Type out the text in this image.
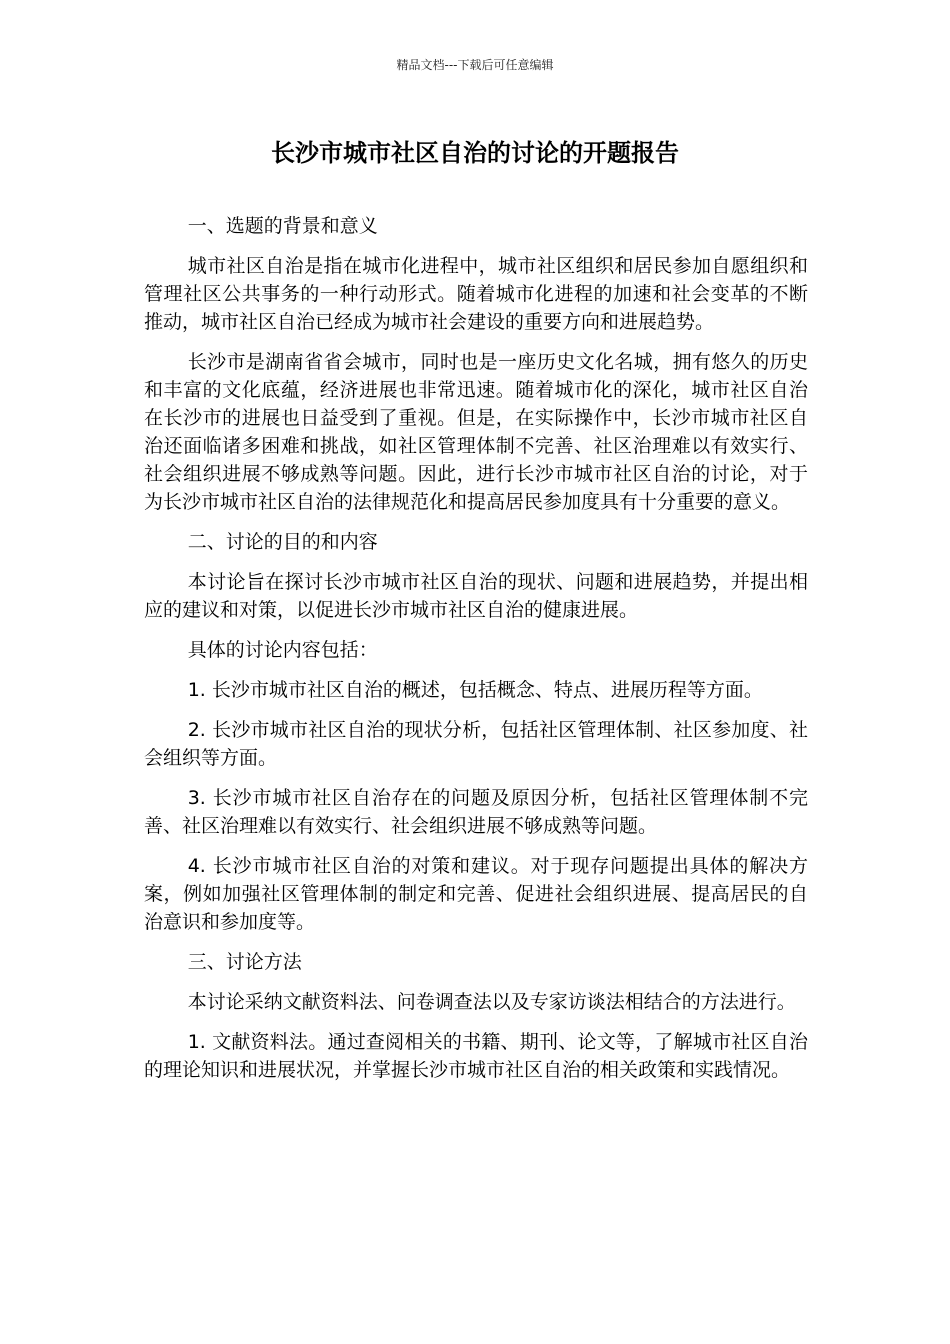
精品文档---下载后可任意编辑
长沙市城市社区自治的讨论的开题报告

一、选题的背景和意义

城市社区自治是指在城市化进程中，城市社区组织和居民参加自愿组织和管理社区公共事务的一种行动形式。随着城市化进程的加速和社会变革的不断推动，城市社区自治已经成为城市社会建设的重要方向和进展趋势。

长沙市是湖南省省会城市，同时也是一座历史文化名城，拥有悠久的历史和丰富的文化底蕴，经济进展也非常迅速。随着城市化的深化，城市社区自治在长沙市的进展也日益受到了重视。但是，在实际操作中，长沙市城市社区自治还面临诸多困难和挑战，如社区管理体制不完善、社区治理难以有效实行、社会组织进展不够成熟等问题。因此，进行长沙市城市社区自治的讨论，对于为长沙市城市社区自治的法律规范化和提高居民参加度具有十分重要的意义。

二、讨论的目的和内容

本讨论旨在探讨长沙市城市社区自治的现状、问题和进展趋势，并提出相应的建议和对策，以促进长沙市城市社区自治的健康进展。

具体的讨论内容包括：

1. 长沙市城市社区自治的概述，包括概念、特点、进展历程等方面。

2. 长沙市城市社区自治的现状分析，包括社区管理体制、社区参加度、社会组织等方面。

3. 长沙市城市社区自治存在的问题及原因分析，包括社区管理体制不完善、社区治理难以有效实行、社会组织进展不够成熟等问题。

4. 长沙市城市社区自治的对策和建议。对于现存问题提出具体的解决方案，例如加强社区管理体制的制定和完善、促进社会组织进展、提高居民的自治意识和参加度等。

三、讨论方法

本讨论采纳文献资料法、问卷调查法以及专家访谈法相结合的方法进行。

1. 文献资料法。通过查阅相关的书籍、期刊、论文等，了解城市社区自治的理论知识和进展状况，并掌握长沙市城市社区自治的相关政策和实践情况。
